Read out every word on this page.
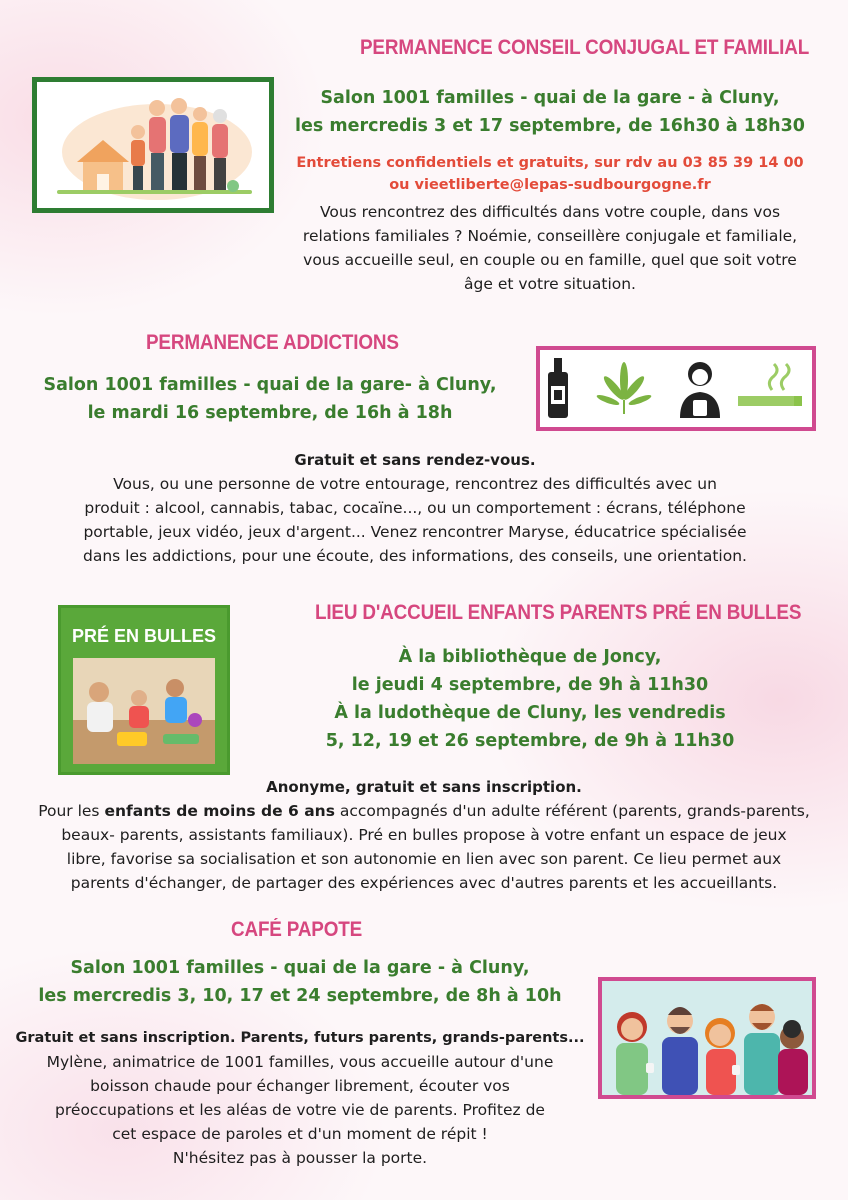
PERMANENCE CONSEIL CONJUGAL ET FAMILIAL

Salon 1001 familles - quai de la gare - à Cluny,

les mercredis 3 et 17 septembre, de 16h30 à 18h30

Entretiens confidentiels et gratuits, sur rdv au 03 85 39 14 00

ou vieetliberte@lepas-sudbourgogne.fr

Vous rencontrez des difficultés dans votre couple, dans vos

relations familiales ? Noémie, conseillère conjugale et familiale,

vous accueille seul, en couple ou en famille, quel que soit votre

âge et votre situation.

PERMANENCE ADDICTIONS

Salon 1001 familles - quai de la gare- à Cluny,

le mardi 16 septembre, de 16h à 18h

Gratuit et sans rendez-vous.

Vous, ou une personne de votre entourage, rencontrez des difficultés avec un

produit : alcool, cannabis, tabac, cocaïne..., ou un comportement : écrans, téléphone

portable, jeux vidéo, jeux d'argent... Venez rencontrer Maryse, éducatrice spécialisée

dans les addictions, pour une écoute, des informations, des conseils, une orientation.

LIEU D'ACCUEIL ENFANTS PARENTS PRÉ EN BULLES
PRÉ EN BULLES

À la bibliothèque de Joncy,

le jeudi 4 septembre, de 9h à 11h30

À la ludothèque de Cluny, les vendredis

5, 12, 19 et 26 septembre, de 9h à 11h30

Anonyme, gratuit et sans inscription.

Pour les enfants de moins de 6 ans accompagnés d'un adulte référent (parents, grands-parents,

beaux- parents, assistants familiaux). Pré en bulles propose à votre enfant un espace de jeux

libre, favorise sa socialisation et son autonomie en lien avec son parent. Ce lieu permet aux

parents d'échanger, de partager des expériences avec d'autres parents et les accueillants.

CAFÉ PAPOTE

Salon 1001 familles - quai de la gare - à Cluny,

les mercredis 3, 10, 17 et 24 septembre, de 8h à 10h

Gratuit et sans inscription. Parents, futurs parents, grands-parents...

Mylène, animatrice de 1001 familles, vous accueille autour d'une

boisson chaude pour échanger librement, écouter vos

préoccupations et les aléas de votre vie de parents. Profitez de

cet espace de paroles et d'un moment de répit !

N'hésitez pas à pousser la porte.
